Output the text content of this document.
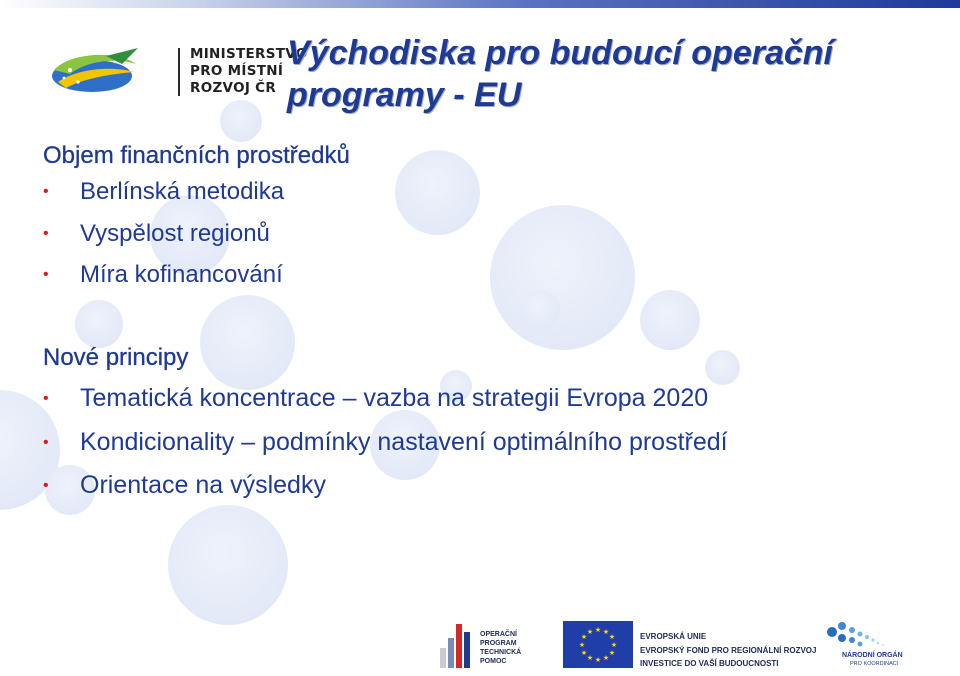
MINISTERSTVO
PRO MÍSTNÍ
ROZVOJ ČR
Východiska pro budoucí operační
programy - EU
Objem finančních prostředků
• Berlínská metodika
• Vyspělost regionů
• Míra kofinancování
Nové principy
• Tematická koncentrace – vazba na strategii Evropa 2020
• Kondicionality – podmínky nastavení optimálního prostředí
• Orientace na výsledky
OPERAČNÍ
PROGRAM
TECHNICKÁ
POMOC
★ ★
★
★
★
★
★
★
★
★
★
★	EVROPSKÁ UNIE
EVROPSKÝ FOND PRO REGIONÁLNÍ ROZVOJ
INVESTICE DO VAŠÍ BUDOUCNOSTI
NÁRODNÍ ORGÁN
PRO KOORDINACI
